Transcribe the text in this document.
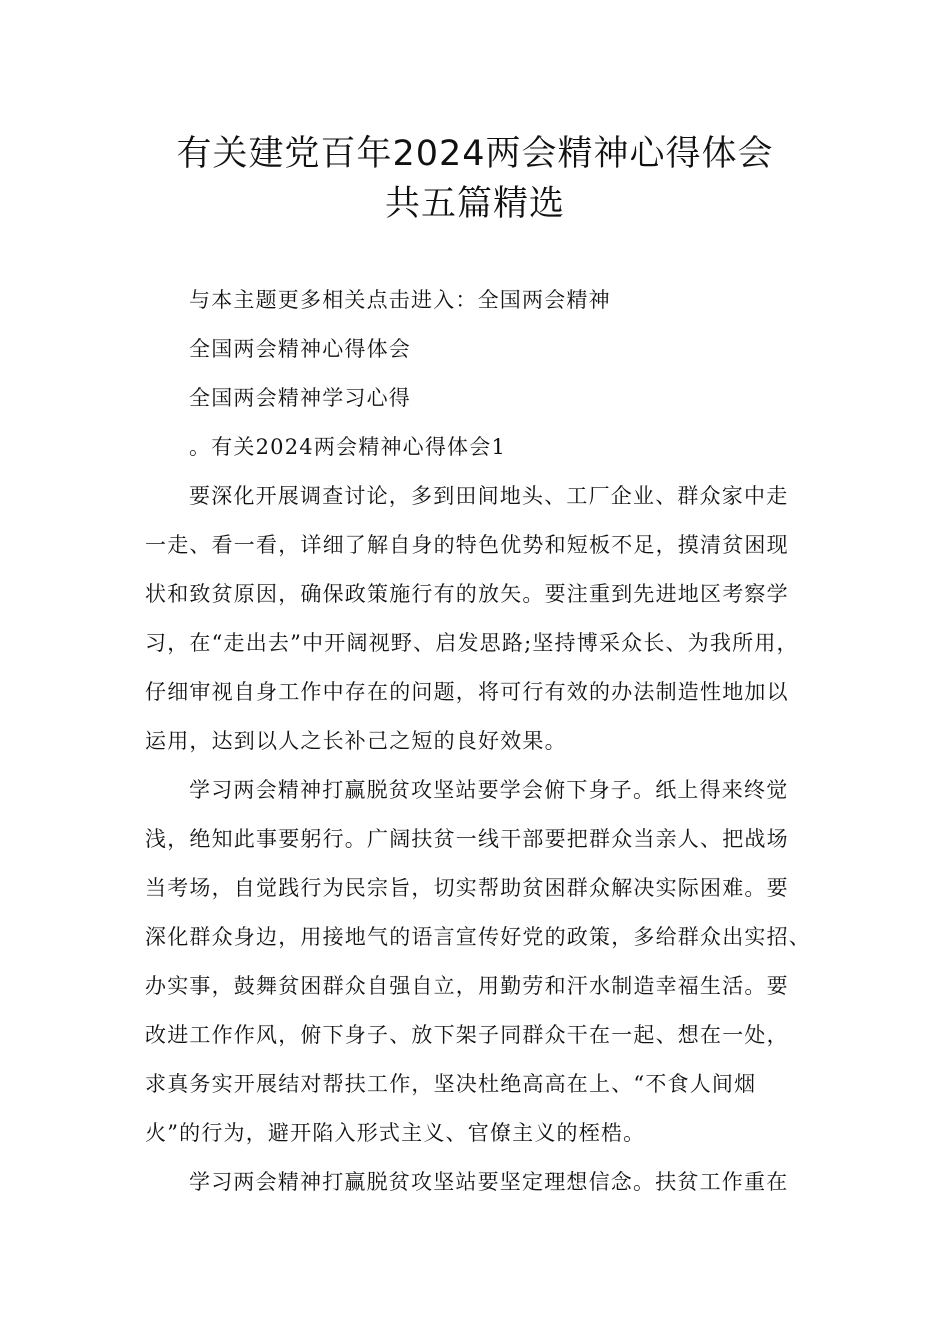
有关建党百年2024两会精神心得体会
共五篇精选
与本主题更多相关点击进入：全国两会精神
全国两会精神心得体会
全国两会精神学习心得
。有关2024两会精神心得体会1
要深化开展调查讨论，多到田间地头、工厂企业、群众家中走
一走、看一看，详细了解自身的特色优势和短板不足，摸清贫困现
状和致贫原因，确保政策施行有的放矢。要注重到先进地区考察学
习，在“走出去”中开阔视野、启发思路;坚持博采众长、为我所用，
仔细审视自身工作中存在的问题，将可行有效的办法制造性地加以
运用，达到以人之长补己之短的良好效果。
学习两会精神打赢脱贫攻坚站要学会俯下身子。纸上得来终觉
浅，绝知此事要躬行。广阔扶贫一线干部要把群众当亲人、把战场
当考场，自觉践行为民宗旨，切实帮助贫困群众解决实际困难。要
深化群众身边，用接地气的语言宣传好党的政策，多给群众出实招、
办实事，鼓舞贫困群众自强自立，用勤劳和汗水制造幸福生活。要
改进工作作风，俯下身子、放下架子同群众干在一起、想在一处，
求真务实开展结对帮扶工作，坚决杜绝高高在上、“不食人间烟
火”的行为，避开陷入形式主义、官僚主义的桎梏。
学习两会精神打赢脱贫攻坚站要坚定理想信念。扶贫工作重在
